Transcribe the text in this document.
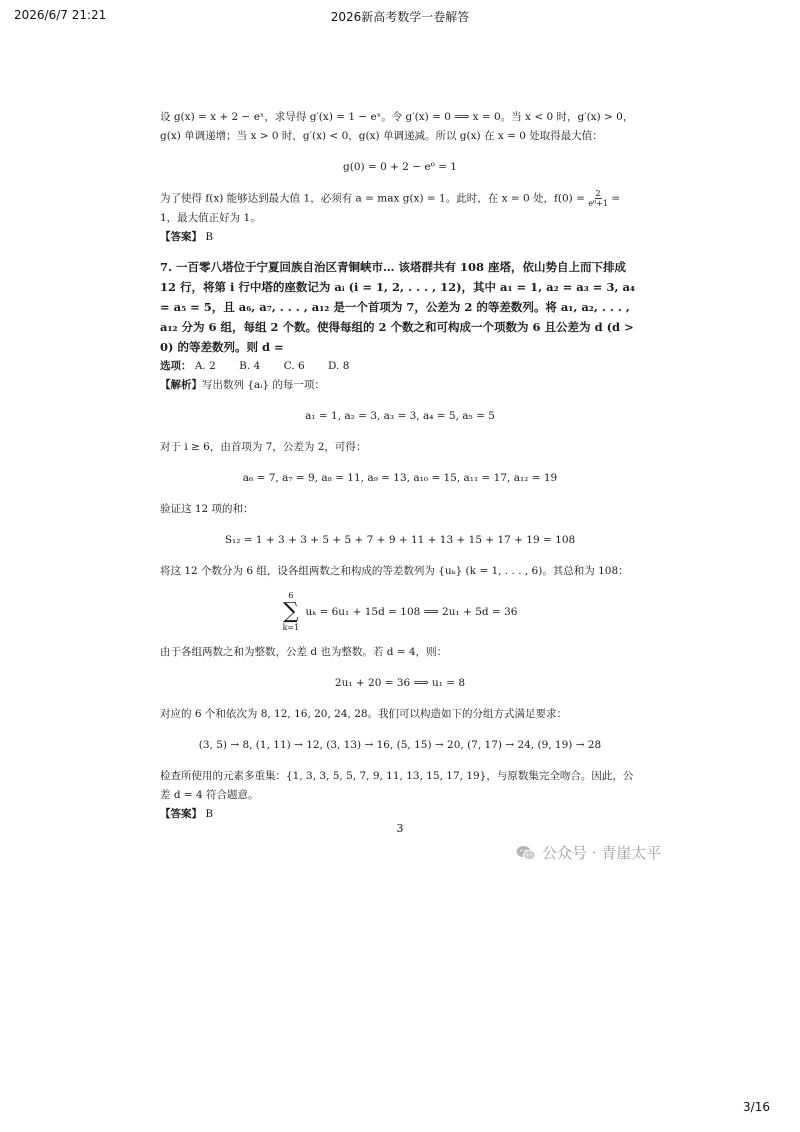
2026/6/7 21:21	2026新高考数学一卷解答

设 g(x) = x + 2 − eˣ，求导得 g′(x) = 1 − eˣ。令 g′(x) = 0 ⟹ x = 0。当 x < 0 时，g′(x) > 0，g(x) 单调递增；当 x > 0 时，g′(x) < 0，g(x) 单调递减。所以 g(x) 在 x = 0 处取得最大值：

g(0) = 0 + 2 − e⁰ = 1

为了使得 f(x) 能够达到最大值 1，必须有 a = max g(x) = 1。此时，在 x = 0 处，$f(0) = \frac{2}{\text{e⁰+1}} = 1$，最大值正好为 1。

【答案】 B

7. 一百零八塔位于宁夏回族自治区青铜峡市… 该塔群共有 108 座塔，依山势自上而下排成 12 行，将第 i 行中塔的座数记为 aᵢ (i = 1, 2, . . . , 12)，其中 a₁ = 1, a₂ = a₃ = 3, a₄ = a₅ = 5，且 a₆, a₇, . . . , a₁₂ 是一个首项为 7，公差为 2 的等差数列。将 a₁, a₂, . . . , a₁₂ 分为 6 组，每组 2 个数。使得每组的 2 个数之和可构成一个项数为 6 且公差为 d (d > 0) 的等差数列。则 d =

选项： A. 2 B. 4 C. 6 D. 8

【解析】写出数列 {aᵢ} 的每一项：

a₁ = 1, a₂ = 3, a₃ = 3, a₄ = 5, a₅ = 5

对于 i ≥ 6，由首项为 7，公差为 2，可得：

a₆ = 7, a₇ = 9, a₈ = 11, a₉ = 13, a₁₀ = 15, a₁₁ = 17, a₁₂ = 19

验证这 12 项的和：

S₁₂ = 1 + 3 + 3 + 5 + 5 + 7 + 9 + 11 + 13 + 15 + 17 + 19 = 108

将这 12 个数分为 6 组，设各组两数之和构成的等差数列为 {uₖ} (k = 1, . . . , 6)。其总和为 108：

6
∑
k=1
uₖ = 6u₁ + 15d = 108 ⟹ 2u₁ + 5d = 36

由于各组两数之和为整数，公差 d 也为整数。若 d = 4，则：

2u₁ + 20 = 36 ⟹ u₁ = 8

对应的 6 个和依次为 8, 12, 16, 20, 24, 28。我们可以构造如下的分组方式满足要求：

(3, 5) → 8, (1, 11) → 12, (3, 13) → 16, (5, 15) → 20, (7, 17) → 24, (9, 19) → 28

检查所使用的元素多重集：{1, 3, 3, 5, 5, 7, 9, 11, 13, 15, 17, 19}，与原数集完全吻合。因此，公差 d = 4 符合题意。

【答案】 B

3
公众号 · 青崖太平
3/16
